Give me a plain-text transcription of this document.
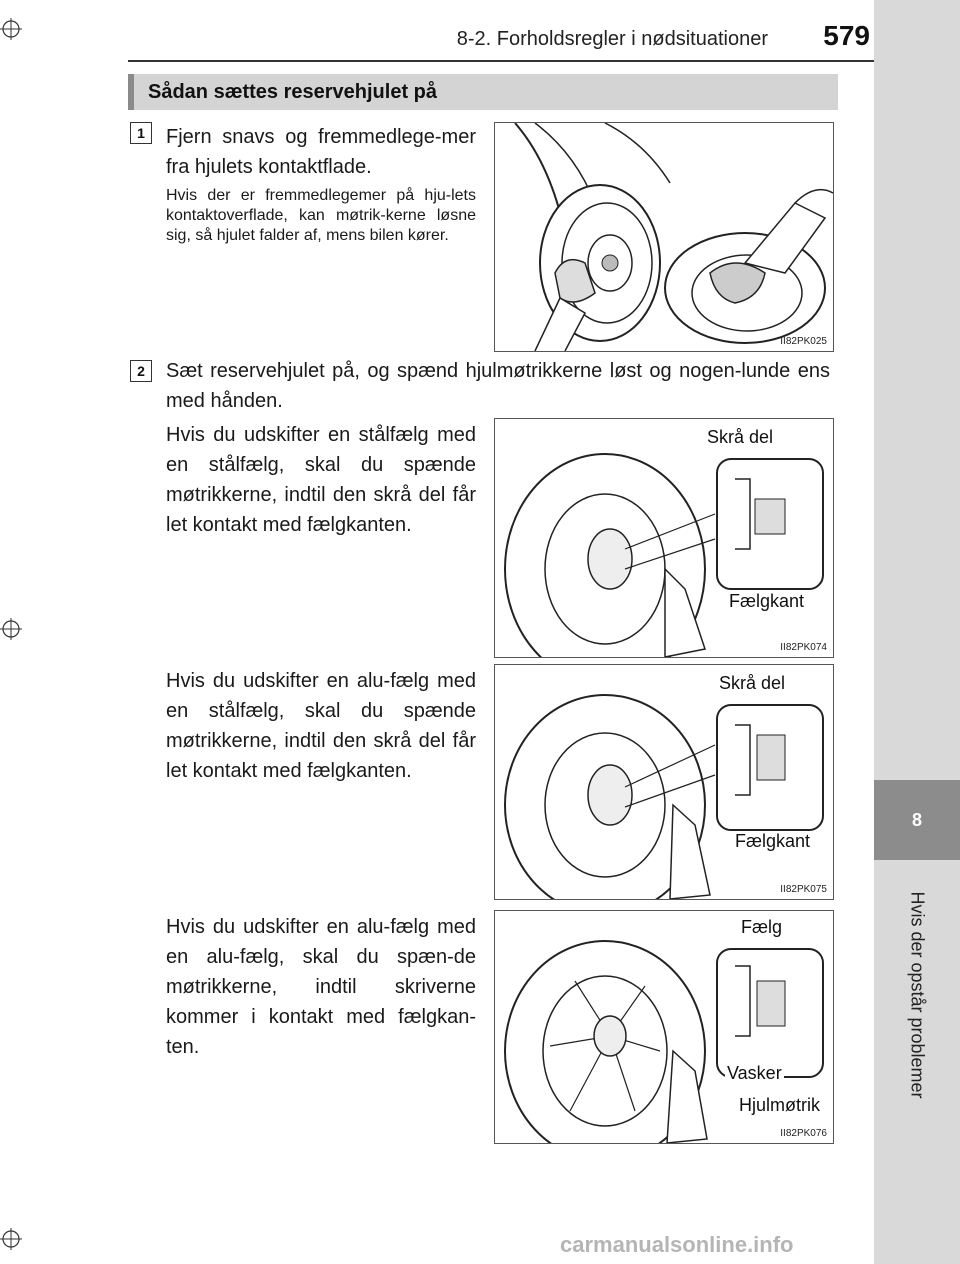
8
Hvis der opstår problemer
8-2. Forholdsregler i nødsituationer	579
Sådan sættes reservehjulet på
1	Fjern snavs og fremmedlege-mer fra hjulets kontaktflade.
Hvis der er fremmedlegemer på hju-lets kontaktoverflade, kan møtrik-kerne løsne sig, så hjulet falder af, mens bilen kører.
II82PK025
2	Sæt reservehjulet på, og spænd hjulmøtrikkerne løst og nogen-lunde ens med hånden.
Hvis du udskifter en stålfælg med en stålfælg, skal du spænde møtrikkerne, indtil den skrå del får let kontakt med fælgkanten.
Skrå del
Fælgkant
II82PK074
Hvis du udskifter en alu-fælg med en stålfælg, skal du spænde møtrikkerne, indtil den skrå del får let kontakt med fælgkanten.
Skrå del
Fælgkant
II82PK075
Hvis du udskifter en alu-fælg med en alu-fælg, skal du spæn-de møtrikkerne, indtil skriverne kommer i kontakt med fælgkan-ten.
Fælg
Vasker
Hjulmøtrik
II82PK076
carmanualsonline.info
